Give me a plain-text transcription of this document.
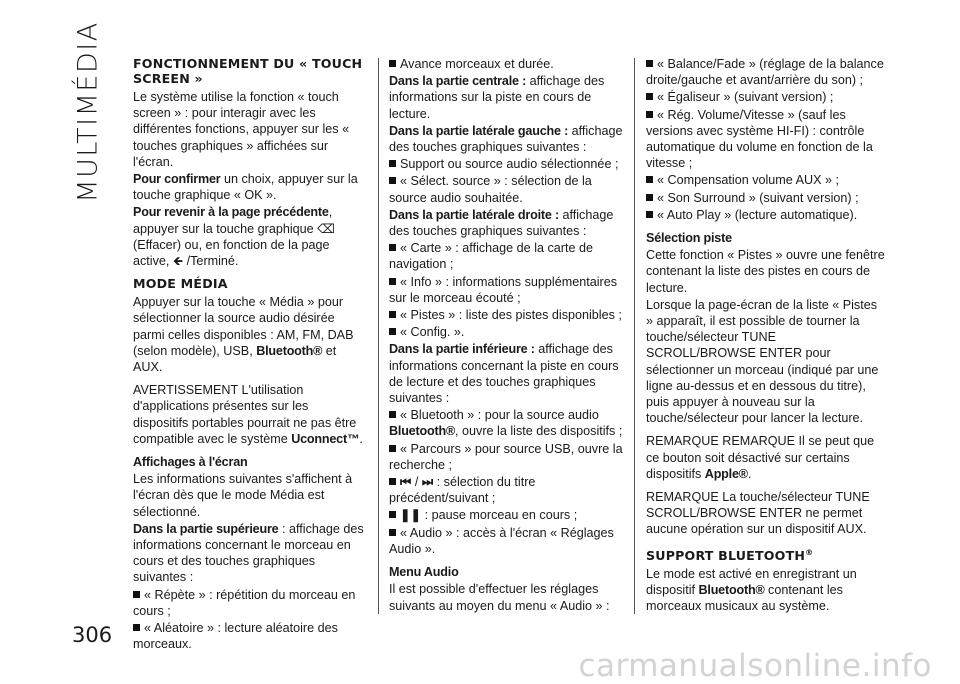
MULTIMÉDIA FONCTIONNEMENT DU « TOUCH SCREEN »

Le système utilise la fonction « touch screen » : pour interagir avec les différentes fonctions, appuyer sur les « touches graphiques » affichées sur l'écran.

Pour confirmer un choix, appuyer sur la touche graphique « OK ».

Pour revenir à la page précédente, appuyer sur la touche graphique ⌫ (Effacer) ou, en fonction de la page active, 🡸 /Terminé.

MODE MÉDIA

Appuyer sur la touche « Média » pour sélectionner la source audio désirée parmi celles disponibles : AM, FM, DAB (selon modèle), USB, Bluetooth® et AUX.

AVERTISSEMENT L'utilisation d'applications présentes sur les dispositifs portables pourrait ne pas être compatible avec le système Uconnect™.

Affichages à l'écran

Les informations suivantes s'affichent à l'écran dès que le mode Média est sélectionné.

Dans la partie supérieure : affichage des informations concernant le morceau en cours et des touches graphiques suivantes :

« Répète » : répétition du morceau en cours ;

« Aléatoire » : lecture aléatoire des morceaux.

Avance morceaux et durée.

Dans la partie centrale : affichage des informations sur la piste en cours de lecture.

Dans la partie latérale gauche : affichage des touches graphiques suivantes :

Support ou source audio sélectionnée ;

« Sélect. source » : sélection de la source audio souhaitée.

Dans la partie latérale droite : affichage des touches graphiques suivantes :

« Carte » : affichage de la carte de navigation ;

« Info » : informations supplémentaires sur le morceau écouté ;

« Pistes » : liste des pistes disponibles ;

« Config. ».

Dans la partie inférieure : affichage des informations concernant la piste en cours de lecture et des touches graphiques suivantes :

« Bluetooth » : pour la source audio Bluetooth®, ouvre la liste des dispositifs ;

« Parcours » pour source USB, ouvre la recherche ;

⏮ / ⏭ : sélection du titre précédent/suivant ;

❚❚ : pause morceau en cours ;

« Audio » : accès à l'écran « Réglages Audio ».

Menu Audio

Il est possible d'effectuer les réglages suivants au moyen du menu « Audio » :

« Balance/Fade » (réglage de la balance droite/gauche et avant/arrière du son) ;

« Égaliseur » (suivant version) ;

« Rég. Volume/Vitesse » (sauf les versions avec système HI-FI) : contrôle automatique du volume en fonction de la vitesse ;

« Compensation volume AUX » ;

« Son Surround » (suivant version) ;

« Auto Play » (lecture automatique).

Sélection piste

Cette fonction « Pistes » ouvre une fenêtre contenant la liste des pistes en cours de lecture.

Lorsque la page-écran de la liste « Pistes » apparaît, il est possible de tourner la touche/sélecteur TUNE SCROLL/BROWSE ENTER pour sélectionner un morceau (indiqué par une ligne au-dessus et en dessous du titre), puis appuyer à nouveau sur la touche/sélecteur pour lancer la lecture.

REMARQUE REMARQUE Il se peut que ce bouton soit désactivé sur certains dispositifs Apple®.

REMARQUE La touche/sélecteur TUNE SCROLL/BROWSE ENTER ne permet aucune opération sur un dispositif AUX.

SUPPORT BLUETOOTH®

Le mode est activé en enregistrant un dispositif Bluetooth® contenant les morceaux musicaux au système.

306
carmanualsonline.info
